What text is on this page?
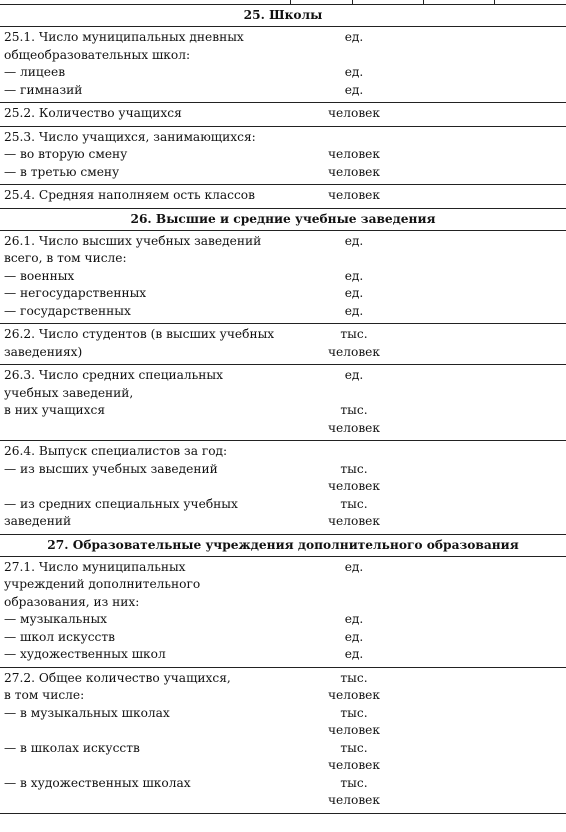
25. Школы
25.1. Число муниципальных дневных	ед.
общеобразовательных школ:
— лицеев	ед.
— гимназий	ед.
25.2. Количество учащихся	человек
25.3. Число учащихся, занимающихся:
— во вторую смену	человек
— в третью смену	человек
25.4. Средняя наполняем ость классов	человек
26. Высшие и средние учебные заведения
26.1. Число высших учебных заведений	ед.
всего, в том числе:
— военных	ед.
— негосударственных	ед.
— государственных	ед.
26.2. Число студентов (в высших учебных	тыс.
заведениях)	человек
26.3. Число средних специальных	ед.
учебных заведений,
в них учащихся	тыс.
человек
26.4. Выпуск специалистов за год:
— из высших учебных заведений	тыс.
человек
— из средних специальных учебных	тыс.
заведений	человек
27. Образовательные учреждения дополнительного образования
27.1. Число муниципальных	ед.
учреждений дополнительного
образования, из них:
— музыкальных	ед.
— школ искусств	ед.
— художественных школ	ед.
27.2. Общее количество учащихся,	тыс.
в том числе:	человек
— в музыкальных школах	тыс.
человек
— в школах искусств	тыс.
человек
— в художественных школах	тыс.
человек
